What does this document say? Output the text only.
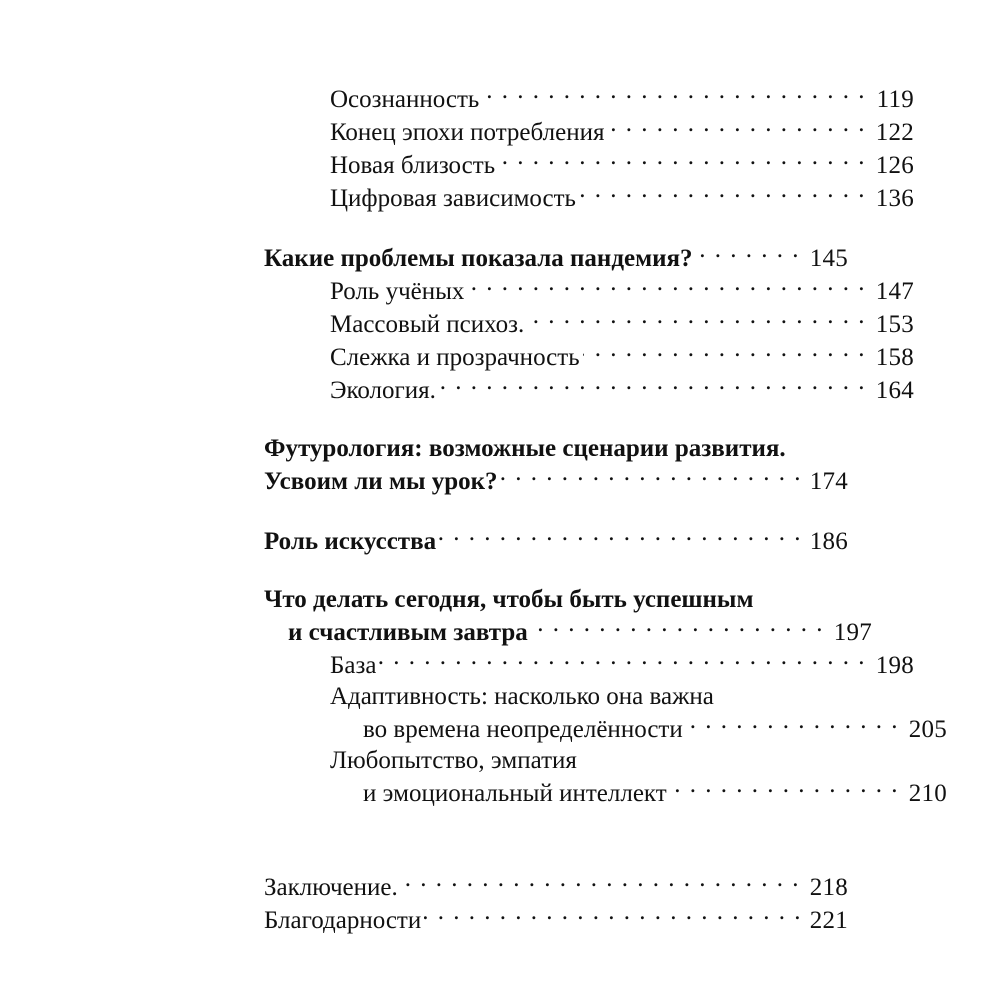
Осознанность . . .	119
Конец эпохи потребления . . .	122
Новая близость . . .	126
Цифровая зависимость . . .	136
Какие проблемы показала пандемия? . . .	145
Роль учёных . . .	147
Массовый психоз. . . .	153
Слежка и прозрачность . . .	158
Экология. . . .	164
Футурология: возможные сценарии развития.
Усвоим ли мы урок? . . .	174
Роль искусства . . .	186
Что делать сегодня, чтобы быть успешным
и счастливым завтра . . .	197
База . . .	198
Адаптивность: насколько она важна
во времена неопределённости . . .	205
Любопытство, эмпатия
и эмоциональный интеллект . . .	210
Заключение. . . .	218
Благодарности . . .	221
